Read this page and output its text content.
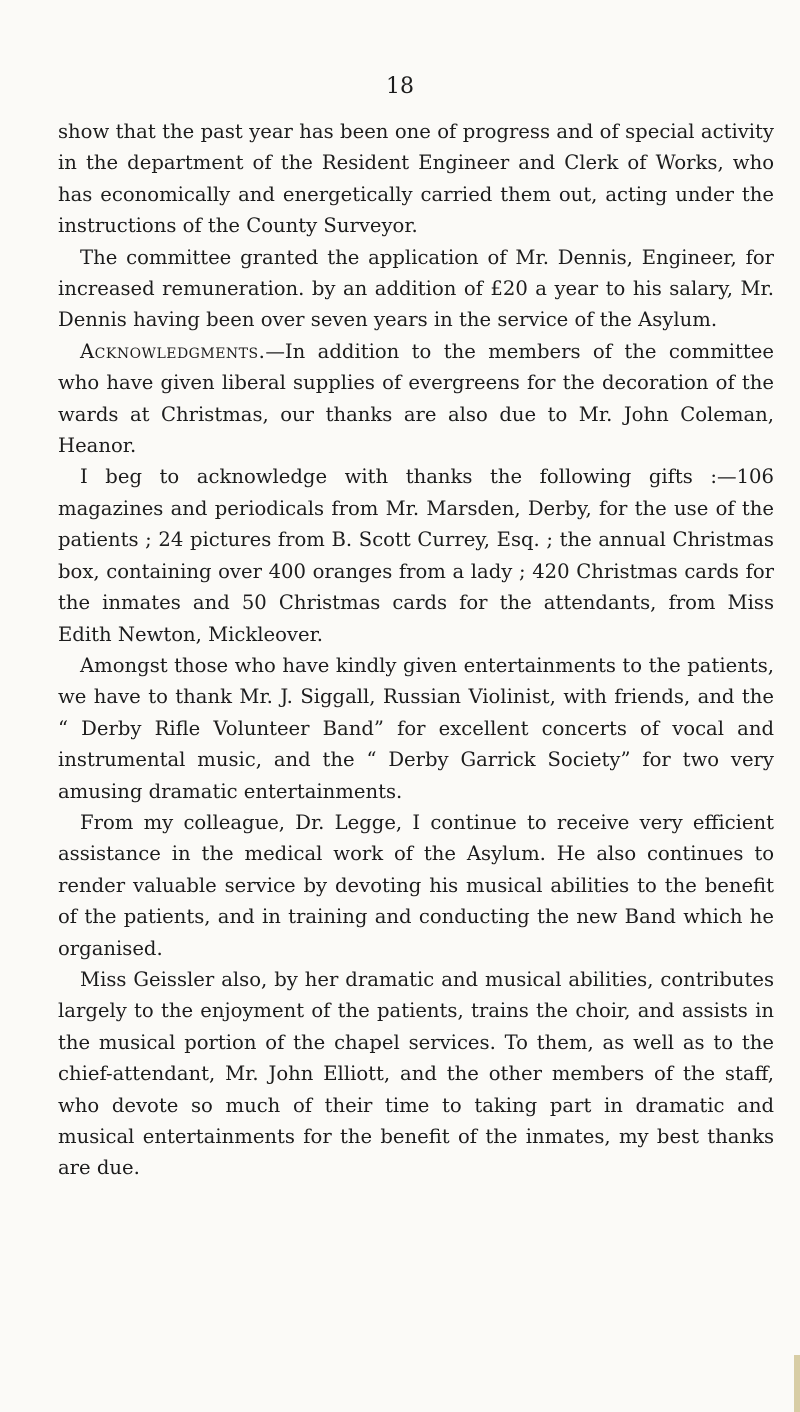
18

show that the past year has been one of progress and of special activity in the department of the Resident Engineer and Clerk of Works, who has economically and energetically carried them out, acting under the instructions of the County Surveyor.

The committee granted the application of Mr. Dennis, Engineer, for increased remuneration. by an addition of £20 a year to his salary, Mr. Dennis having been over seven years in the service of the Asylum.

Acknowledgments.—In addition to the members of the committee who have given liberal supplies of evergreens for the decoration of the wards at Christmas, our thanks are also due to Mr. John Coleman, Heanor.

I beg to acknowledge with thanks the following gifts :—106 magazines and periodicals from Mr. Marsden, Derby, for the use of the patients ; 24 pictures from B. Scott Currey, Esq. ; the annual Christmas box, containing over 400 oranges from a lady ; 420 Christmas cards for the inmates and 50 Christmas cards for the attendants, from Miss Edith Newton, Mickleover.

Amongst those who have kindly given entertainments to the patients, we have to thank Mr. J. Siggall, Russian Violinist, with friends, and the “ Derby Rifle Volunteer Band” for excellent concerts of vocal and instrumental music, and the “ Derby Garrick Society” for two very amusing dramatic entertainments.

From my colleague, Dr. Legge, I continue to receive very efficient assistance in the medical work of the Asylum. He also continues to render valuable service by devoting his musical abilities to the benefit of the patients, and in training and conducting the new Band which he organised.

Miss Geissler also, by her dramatic and musical abilities, contributes largely to the enjoyment of the patients, trains the choir, and assists in the musical portion of the chapel services. To them, as well as to the chief-attendant, Mr. John Elliott, and the other members of the staff, who devote so much of their time to taking part in dramatic and musical entertainments for the benefit of the inmates, my best thanks are due.
